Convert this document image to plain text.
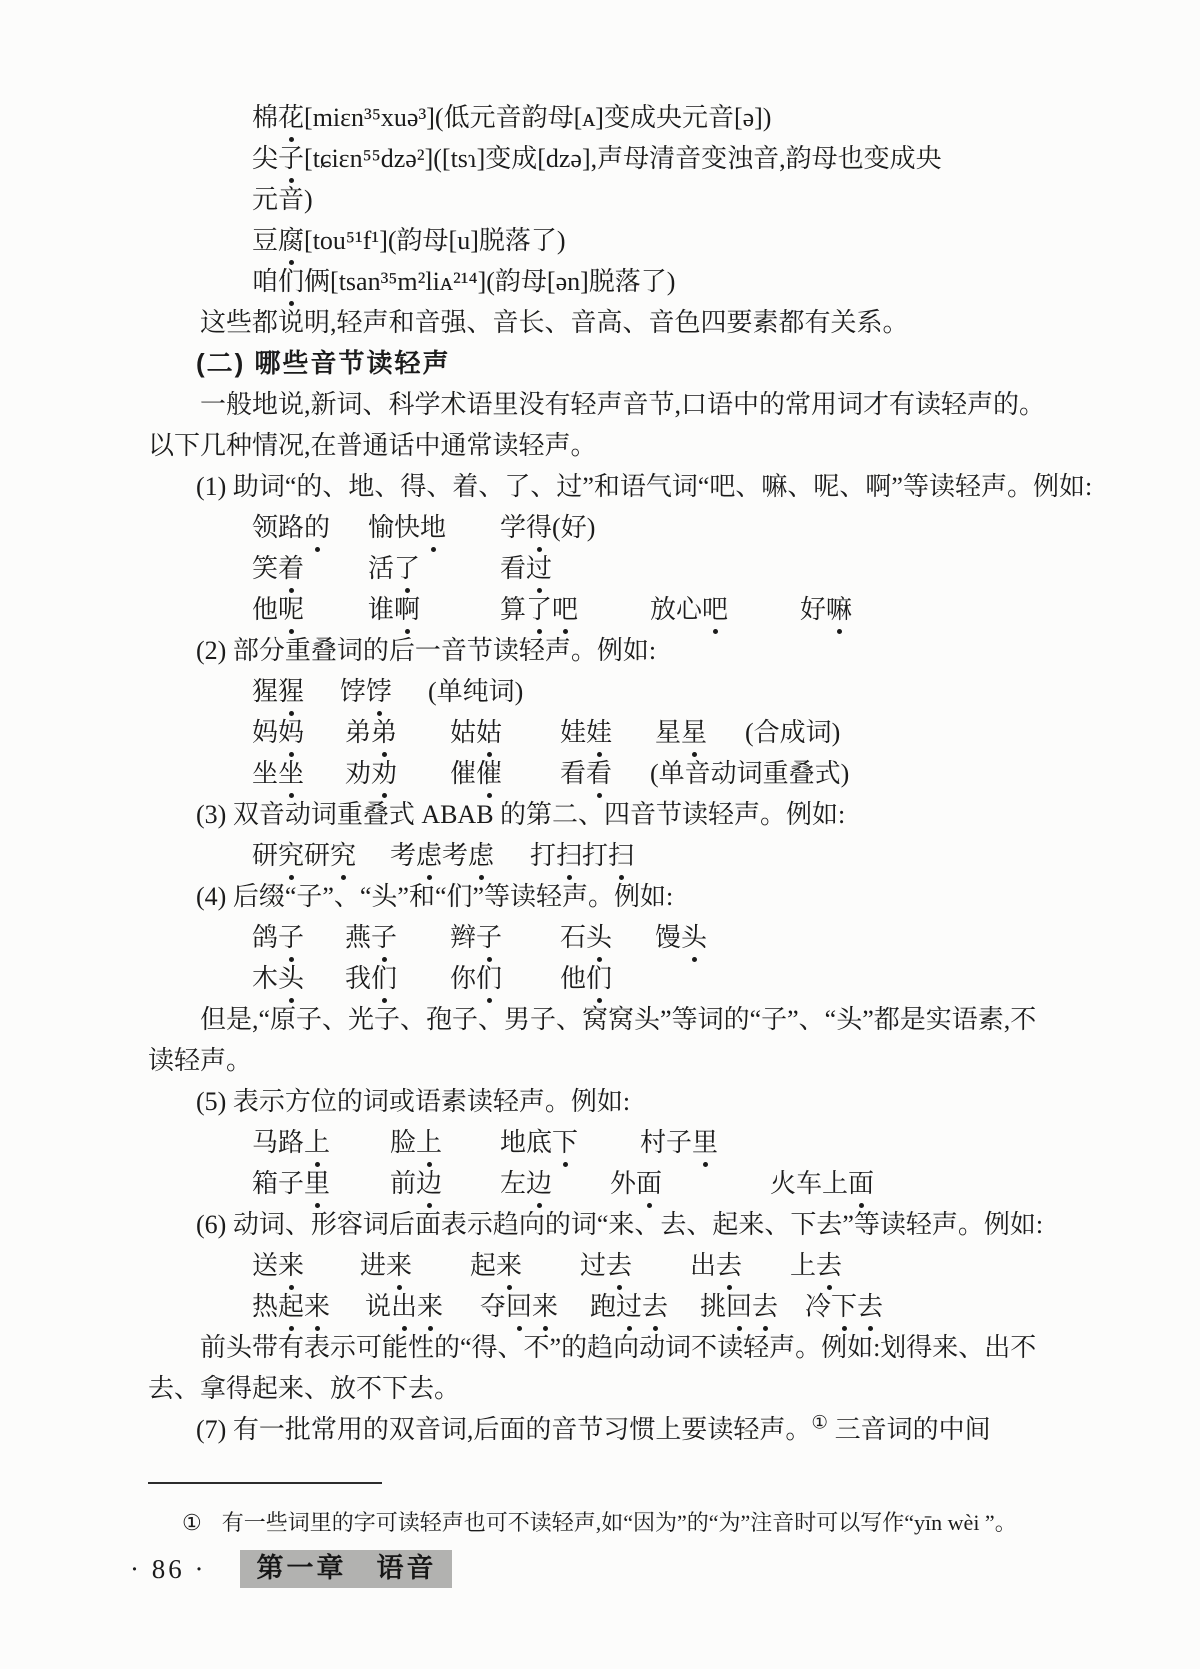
棉花[miɛn³⁵xuə³](低元音韵母[ᴀ]变成央元音[ə])
尖子[tɕiɛn⁵⁵dzə²]([tsɿ]变成[dzə],声母清音变浊音,韵母也变成央
元音)
豆腐[tou⁵¹f¹](韵母[u]脱落了)
咱们俩[tsan³⁵m²liᴀ²¹⁴](韵母[ən]脱落了)
这些都说明,轻声和音强、音长、音高、音色四要素都有关系。
(二) 哪些音节读轻声
一般地说,新词、科学术语里没有轻声音节,口语中的常用词才有读轻声的。
以下几种情况,在普通话中通常读轻声。
(1) 助词“的、地、得、着、了、过”和语气词“吧、嘛、呢、啊”等读轻声。例如:
领路的	愉快地	学得(好)
笑着	活了	看过
他呢	谁啊	算了吧	放心吧	好嘛
(2) 部分重叠词的后一音节读轻声。例如:
猩猩	饽饽	(单纯词)
妈妈	弟弟	姑姑	娃娃	星星	(合成词)
坐坐	劝劝	催催	看看	(单音动词重叠式)
(3) 双音动词重叠式 ABAB 的第二、四音节读轻声。例如:
研究研究	考虑考虑	打扫打扫
(4) 后缀“子”、“头”和“们”等读轻声。例如:
鸽子	燕子	辫子	石头	馒头
木头	我们	你们	他们
但是,“原子、光子、孢子、男子、窝窝头”等词的“子”、“头”都是实语素,不
读轻声。
(5) 表示方位的词或语素读轻声。例如:
马路上	脸上	地底下	村子里
箱子里	前边	左边	外面	火车上面
(6) 动词、形容词后面表示趋向的词“来、去、起来、下去”等读轻声。例如:
送来	进来	起来	过去	出去	上去
热起来	说出来	夺回来	跑过去	挑回去	冷下去
前头带有表示可能性的“得、不”的趋向动词不读轻声。例如:划得来、出不
去、拿得起来、放不下去。
(7) 有一批常用的双音词,后面的音节习惯上要读轻声。① 三音词的中间
① 有一些词里的字可读轻声也可不读轻声,如“因为”的“为”注音时可以写作“yīn wèi ”。
· 86 ·	第一章　语音
